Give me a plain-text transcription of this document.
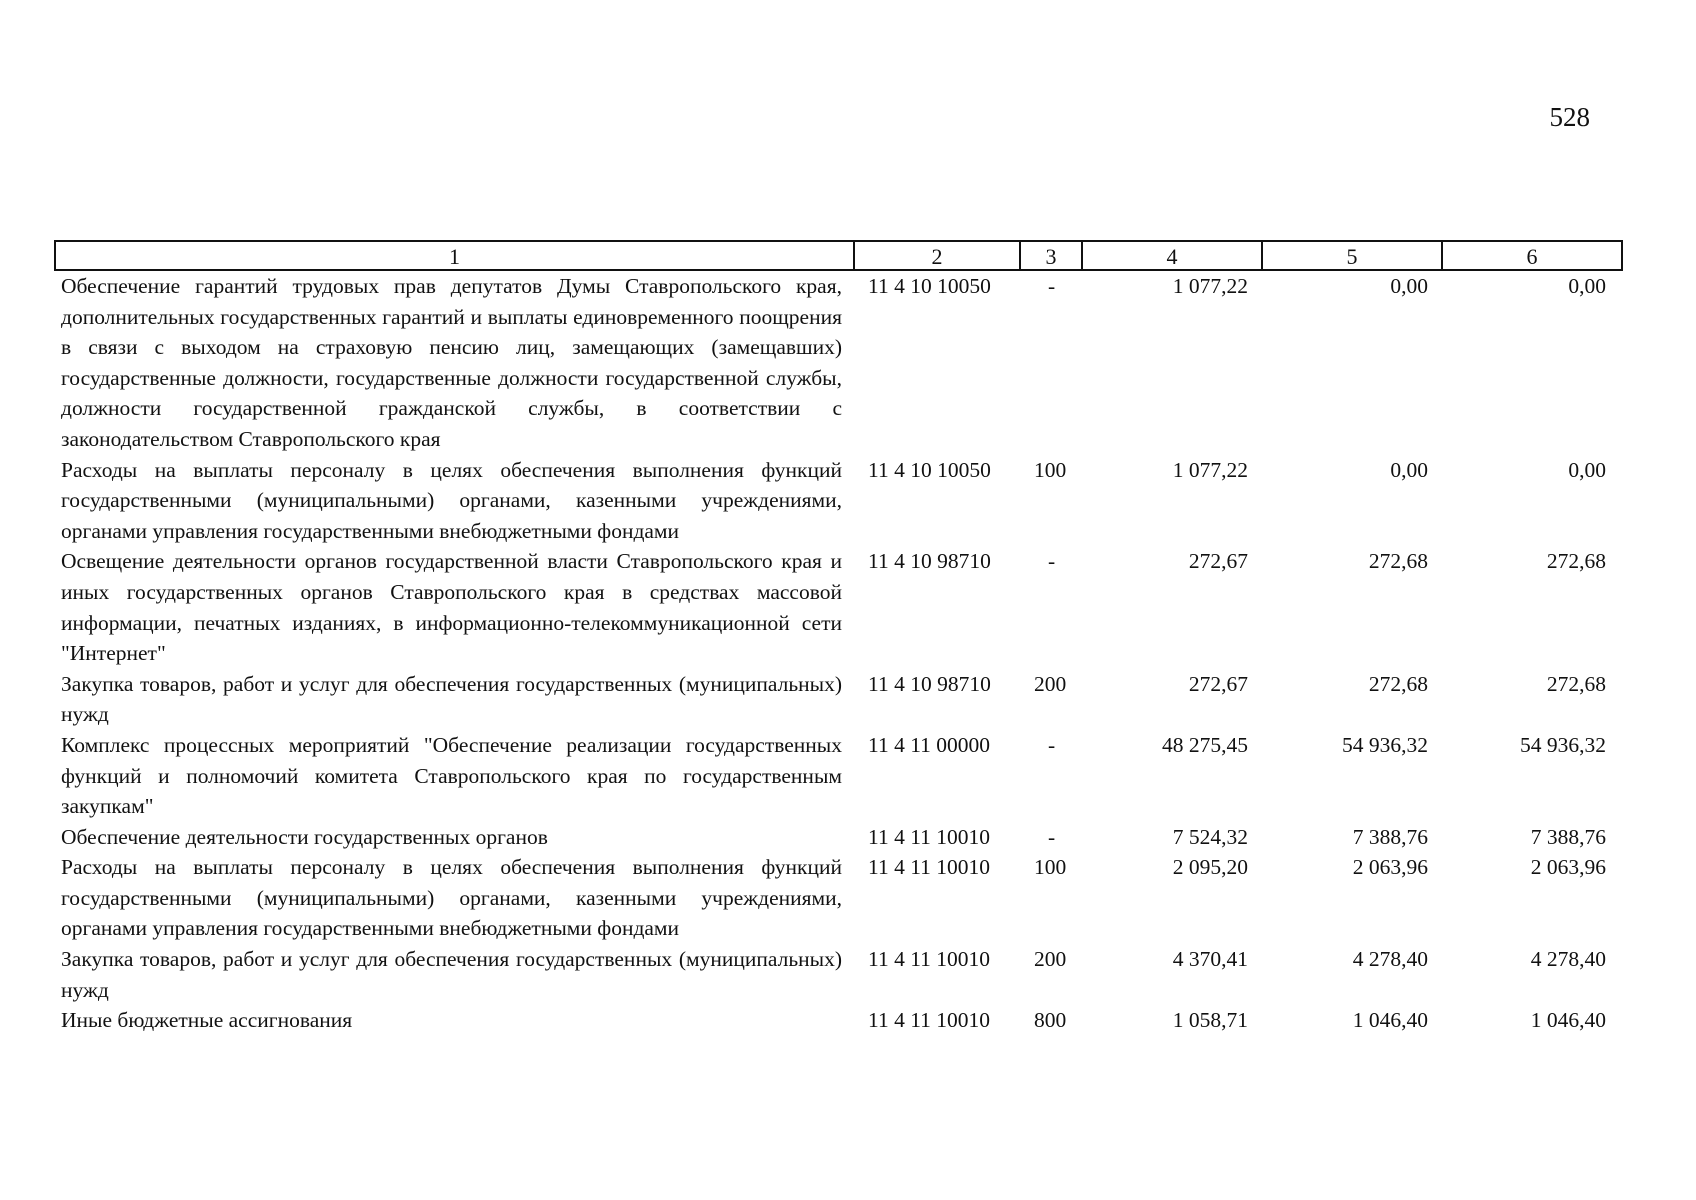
528
1	2	3	4	5	6
Обеспечение гарантий трудовых прав депутатов Думы Ставропольского края, дополнительных государственных гарантий и выплаты единовременного поощрения в связи с выходом на страховую пенсию лиц, замещающих (замещавших) государственные должности, государственные должности государственной службы, должности государственной гражданской службы, в соответствии с законодательством Ставропольского края	11 4 10 10050	-	1 077,22	0,00	0,00
Расходы на выплаты персоналу в целях обеспечения выполнения функций государственными (муниципальными) органами, казенными учреждениями, органами управления государственными внебюджетными фондами	11 4 10 10050	100	1 077,22	0,00	0,00
Освещение деятельности органов государственной власти Ставропольского края и иных государственных органов Ставропольского края в средствах массовой информации, печатных изданиях, в информационно-телекоммуникационной сети "Интернет"	11 4 10 98710	-	272,67	272,68	272,68
Закупка товаров, работ и услуг для обеспечения государственных (муниципальных) нужд	11 4 10 98710	200	272,67	272,68	272,68
Комплекс процессных мероприятий "Обеспечение реализации государственных функций и полномочий комитета Ставропольского края по государственным закупкам"	11 4 11 00000	-	48 275,45	54 936,32	54 936,32
Обеспечение деятельности государственных органов	11 4 11 10010	-	7 524,32	7 388,76	7 388,76
Расходы на выплаты персоналу в целях обеспечения выполнения функций государственными (муниципальными) органами, казенными учреждениями, органами управления государственными внебюджетными фондами	11 4 11 10010	100	2 095,20	2 063,96	2 063,96
Закупка товаров, работ и услуг для обеспечения государственных (муниципальных) нужд	11 4 11 10010	200	4 370,41	4 278,40	4 278,40
Иные бюджетные ассигнования	11 4 11 10010	800	1 058,71	1 046,40	1 046,40
